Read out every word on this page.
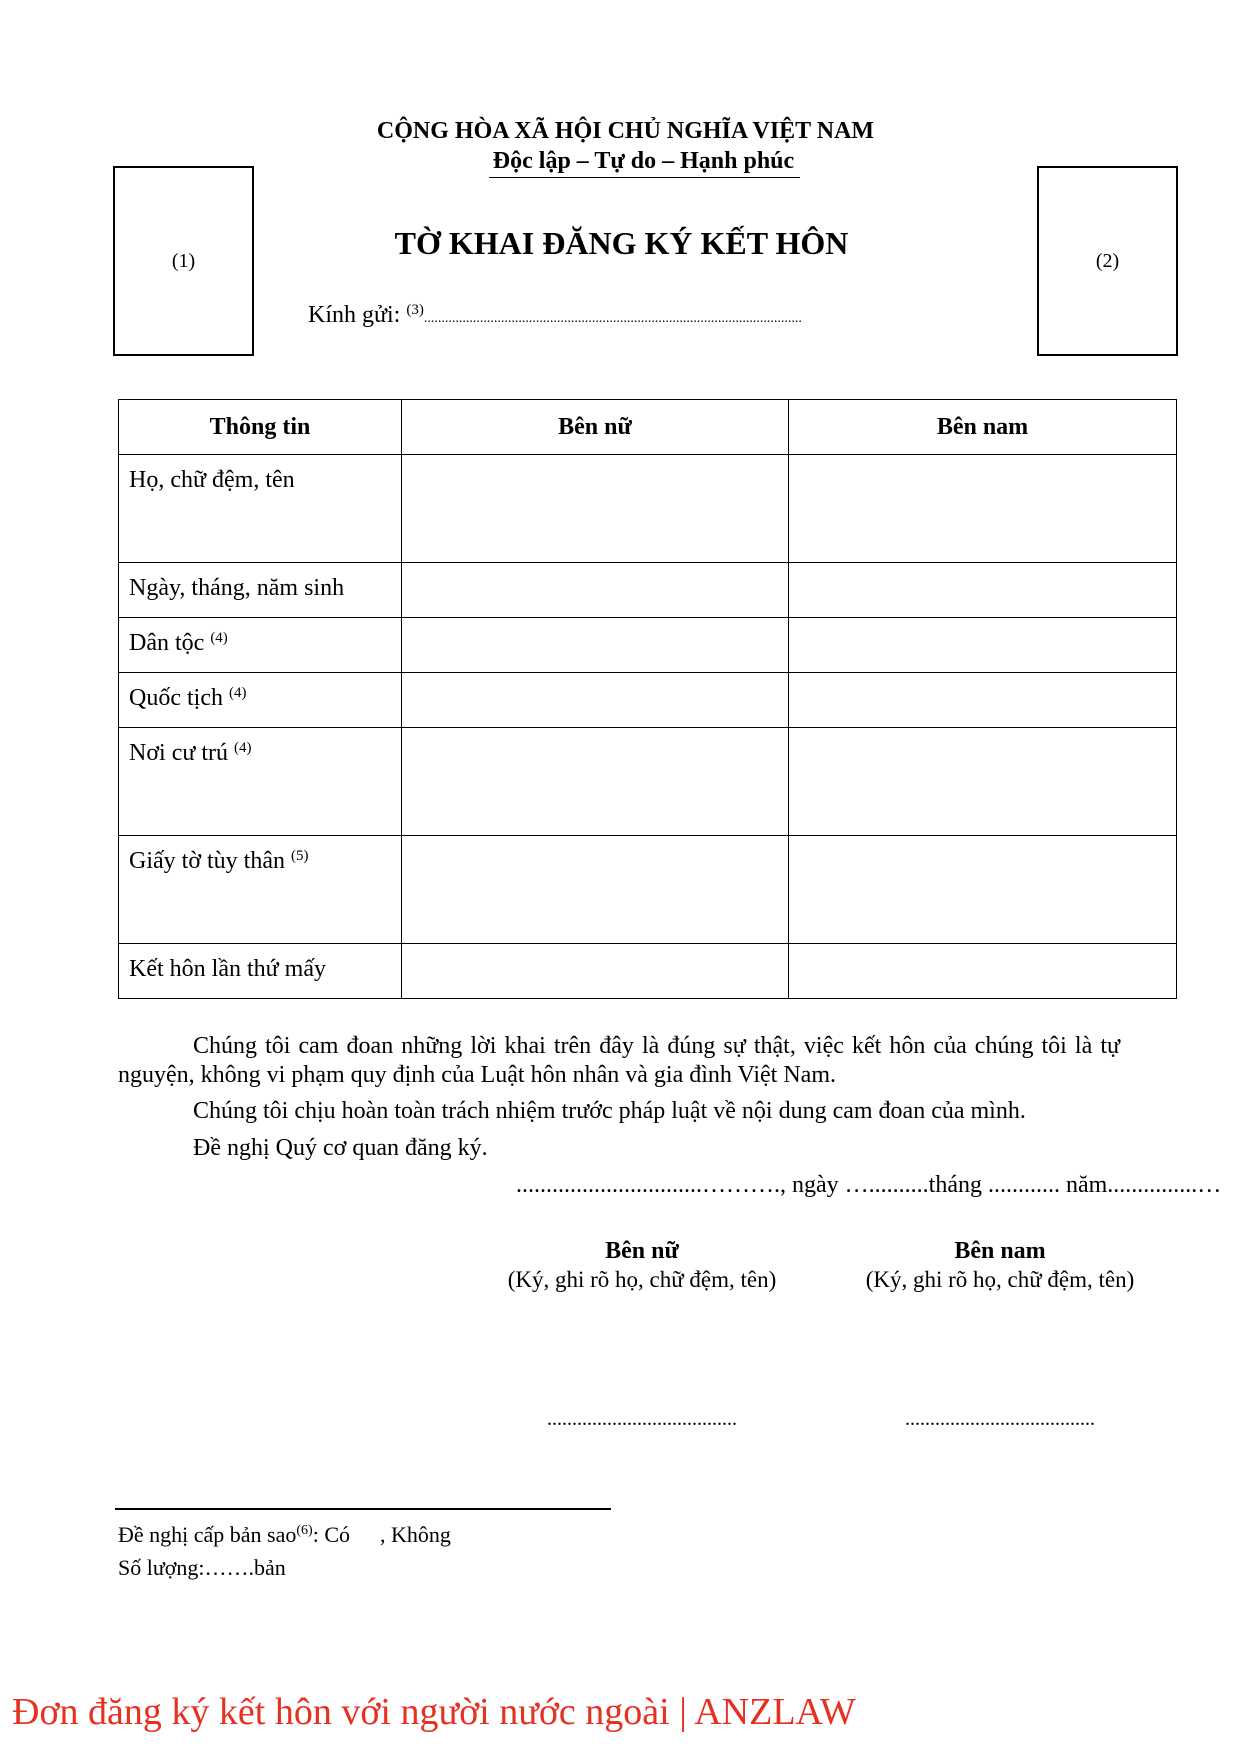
CỘNG HÒA XÃ HỘI CHỦ NGHĨA VIỆT NAM
Độc lập – Tự do – Hạnh phúc
(1)	(2)
TỜ KHAI ĐĂNG KÝ KẾT HÔN
Kính gửi: $^{(3)}$............................................................................................................
Thông tin	Bên nữ	Bên nam
Họ, chữ đệm, tên		
Ngày, tháng, năm sinh		
Dân tộc $^{(4)}$		
Quốc tịch $^{(4)}$		
Nơi cư trú $^{(4)}$		
Giấy tờ tùy thân $^{(5)}$		
Kết hôn lần thứ mấy		
Chúng tôi cam đoan những lời khai trên đây là đúng sự thật, việc kết hôn của chúng tôi là tự nguyện, không vi phạm quy định của Luật hôn nhân và gia đình Việt Nam.
Chúng tôi chịu hoàn toàn trách nhiệm trước pháp luật về nội dung cam đoan của mình.
Đề nghị Quý cơ quan đăng ký.
...............................………., ngày …..........tháng ............ năm...............…
Bên nữ
(Ký, ghi rõ họ, chữ đệm, tên)
Bên nam
(Ký, ghi rõ họ, chữ đệm, tên)
......................................	......................................
Đề nghị cấp bản sao$^{(6)}$: Có , Không
Số lượng:…….bản
Đơn đăng ký kết hôn với người nước ngoài | ANZLAW
